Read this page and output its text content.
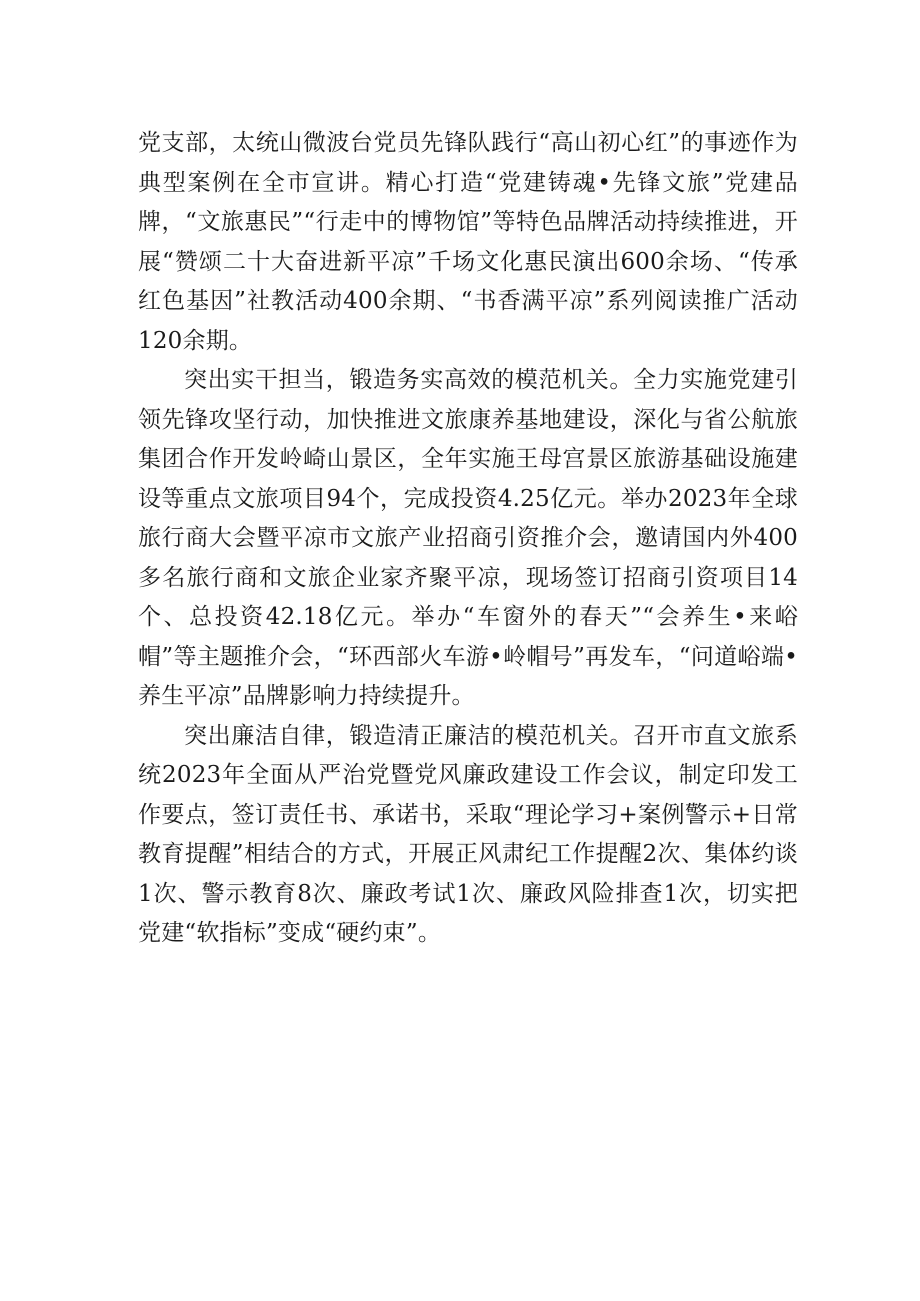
党支部，太统山微波台党员先锋队践行“高山初心红”的事迹作为典型案例在全市宣讲。精心打造“党建铸魂•先锋文旅”党建品牌，“文旅惠民”“行走中的博物馆”等特色品牌活动持续推进，开展“赞颂二十大奋进新平凉”千场文化惠民演出600余场、“传承红色基因”社教活动400余期、“书香满平凉”系列阅读推广活动120余期。

突出实干担当，锻造务实高效的模范机关。全力实施党建引领先锋攻坚行动，加快推进文旅康养基地建设，深化与省公航旅集团合作开发岭崎山景区，全年实施王母宫景区旅游基础设施建设等重点文旅项目94个，完成投资4.25亿元。举办2023年全球旅行商大会暨平凉市文旅产业招商引资推介会，邀请国内外400多名旅行商和文旅企业家齐聚平凉，现场签订招商引资项目14个、总投资42.18亿元。举办“车窗外的春天”“会养生•来峪帽”等主题推介会，“环西部火车游•岭帽号”再发车，“问道峪端•养生平凉”品牌影响力持续提升。

突出廉洁自律，锻造清正廉洁的模范机关。召开市直文旅系统2023年全面从严治党暨党风廉政建设工作会议，制定印发工作要点，签订责任书、承诺书，采取“理论学习+案例警示+日常教育提醒”相结合的方式，开展正风肃纪工作提醒2次、集体约谈1次、警示教育8次、廉政考试1次、廉政风险排查1次，切实把党建“软指标”变成“硬约束”。
